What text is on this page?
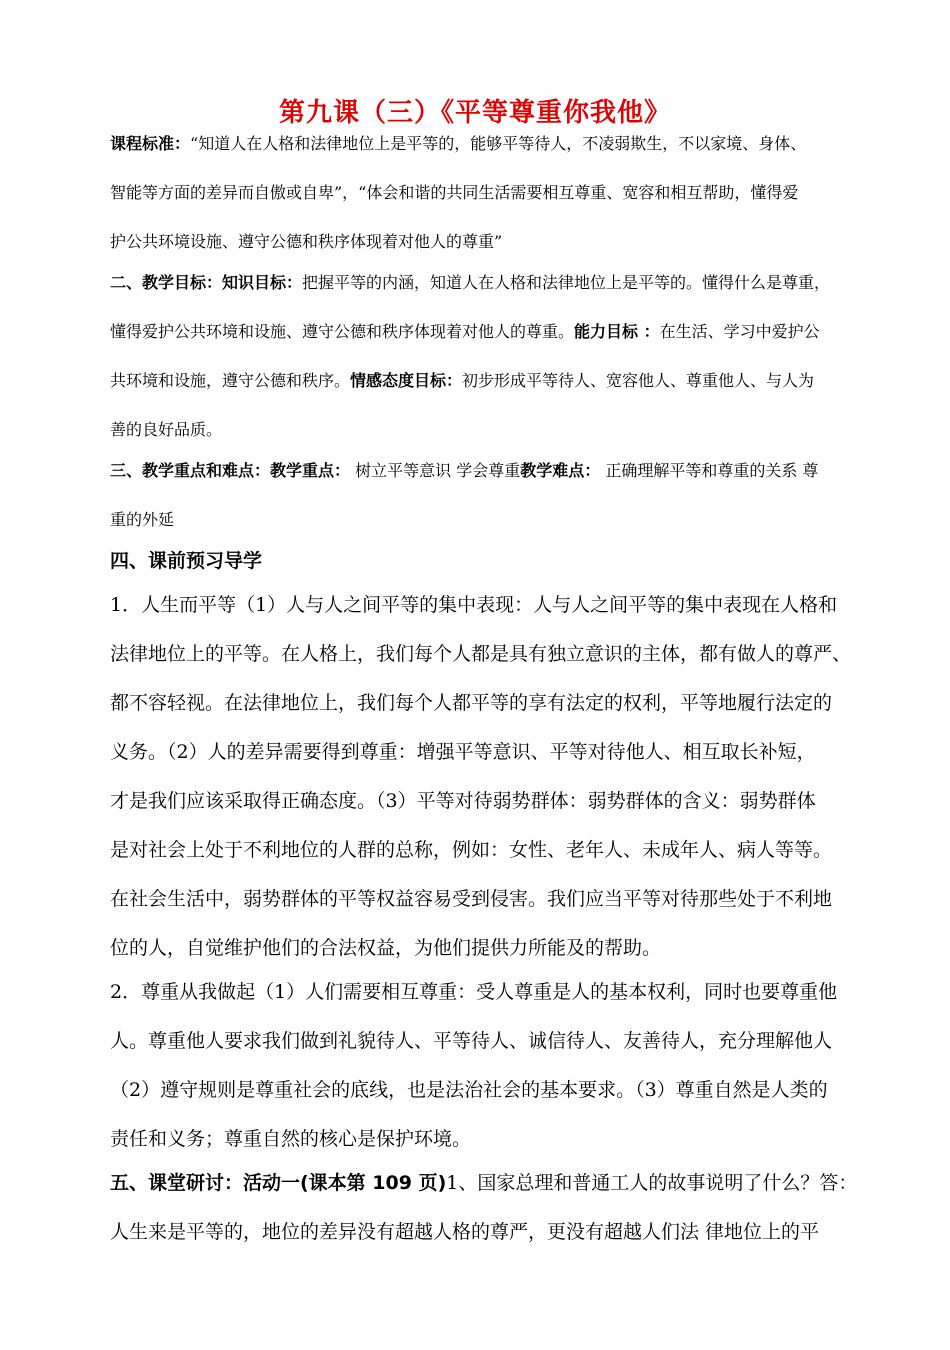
第九课（三）《平等尊重你我他》
课程标准：“知道人在人格和法律地位上是平等的，能够平等待人，不凌弱欺生，不以家境、身体、
智能等方面的差异而自傲或自卑”，“体会和谐的共同生活需要相互尊重、宽容和相互帮助，懂得爱
护公共环境设施、遵守公德和秩序体现着对他人的尊重”
二、教学目标：知识目标：把握平等的内涵，知道人在人格和法律地位上是平等的。懂得什么是尊重，
懂得爱护公共环境和设施、遵守公德和秩序体现着对他人的尊重。能力目标 ：在生活、学习中爱护公
共环境和设施，遵守公德和秩序。情感态度目标：初步形成平等待人、宽容他人、尊重他人、与人为
善的良好品质。
三、教学重点和难点：教学重点： 树立平等意识 学会尊重教学难点： 正确理解平等和尊重的关系 尊
重的外延
四、课前预习导学
1．人生而平等（1）人与人之间平等的集中表现：人与人之间平等的集中表现在人格和
法律地位上的平等。在人格上，我们每个人都是具有独立意识的主体，都有做人的尊严、
都不容轻视。在法律地位上，我们每个人都平等的享有法定的权利，平等地履行法定的
义务。（2）人的差异需要得到尊重：增强平等意识、平等对待他人、相互取长补短，
才是我们应该采取得正确态度。（3）平等对待弱势群体：弱势群体的含义：弱势群体
是对社会上处于不利地位的人群的总称，例如：女性、老年人、未成年人、病人等等。
在社会生活中，弱势群体的平等权益容易受到侵害。我们应当平等对待那些处于不利地
位的人，自觉维护他们的合法权益，为他们提供力所能及的帮助。
2．尊重从我做起（1）人们需要相互尊重：受人尊重是人的基本权利，同时也要尊重他
人。尊重他人要求我们做到礼貌待人、平等待人、诚信待人、友善待人，充分理解他人
（2）遵守规则是尊重社会的底线，也是法治社会的基本要求。（3）尊重自然是人类的
责任和义务；尊重自然的核心是保护环境。
五、课堂研讨：活动一(课本第 109 页)1、国家总理和普通工人的故事说明了什么？答：
人生来是平等的，地位的差异没有超越人格的尊严，更没有超越人们法 律地位上的平
